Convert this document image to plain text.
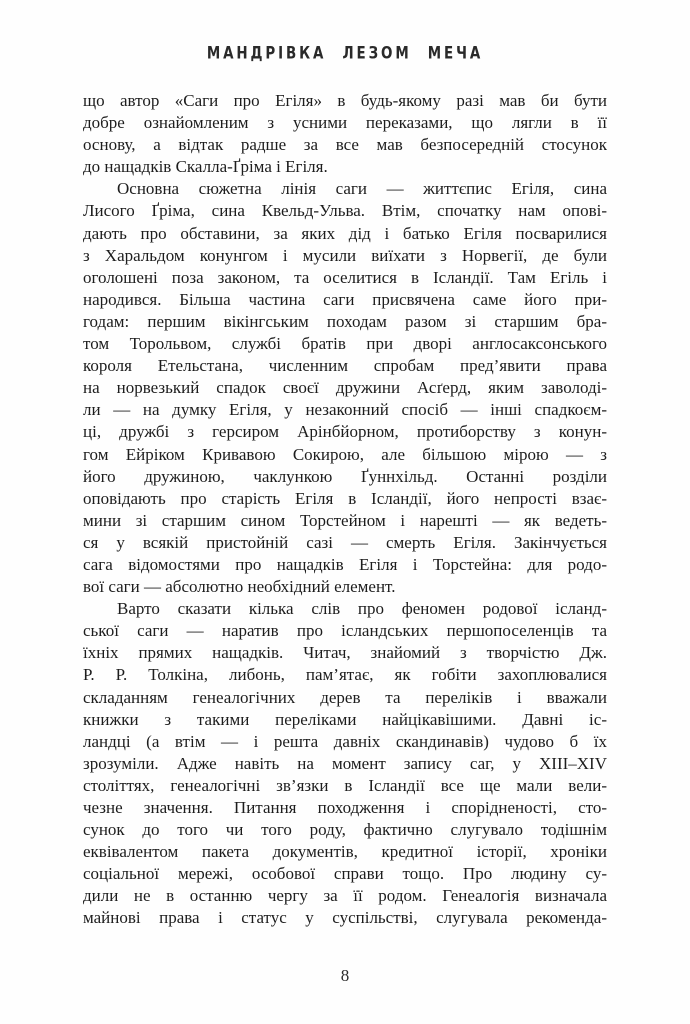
МАНДРІВКА ЛЕЗОМ МЕЧА
що автор «Саги про Егіля» в будь-якому разі мав би бути
добре ознайомленим з усними переказами, що лягли в її
основу, а відтак радше за все мав безпосередній стосунок
до нащадків Скалла-Ґріма і Егіля.
Основна сюжетна лінія саги — життєпис Егіля, сина
Лисого Ґріма, сина Квельд-Ульва. Втім, спочатку нам опові-
дають про обставини, за яких дід і батько Егіля посварилися
з Харальдом конунгом і мусили виїхати з Норвегії, де були
оголошені поза законом, та оселитися в Ісландії. Там Егіль і
народився. Більша частина саги присвячена саме його при-
годам: першим вікінгським походам разом зі старшим бра-
том Торольвом, службі братів при дворі англосаксонського
короля Етельстана, численним спробам пред’явити права
на норвезький спадок своєї дружини Асґерд, яким заволоді-
ли — на думку Егіля, у незаконний спосіб — інші спадкоєм-
ці, дружбі з герсиром Арінбйорном, протиборству з конун-
гом Ейріком Кривавою Сокирою, але більшою мірою — з
його дружиною, чаклункою Ґуннхільд. Останні розділи
оповідають про старість Егіля в Ісландії, його непрості взає-
мини зі старшим сином Торстейном і нарешті — як ведеть-
ся у всякій пристойній сазі — смерть Егіля. Закінчується
сага відомостями про нащадків Егіля і Торстейна: для родо-
вої саги — абсолютно необхідний елемент.
Варто сказати кілька слів про феномен родової ісланд-
ської саги — наратив про ісландських першопоселенців та
їхніх прямих нащадків. Читач, знайомий з творчістю Дж.
Р. Р. Толкіна, либонь, пам’ятає, як гобіти захоплювалися
складанням генеалогічних дерев та переліків і вважали
книжки з такими переліками найцікавішими. Давні іс-
ландці (а втім — і решта давніх скандинавів) чудово б їх
зрозуміли. Адже навіть на момент запису саг, у XIII–XIV
століттях, генеалогічні зв’язки в Ісландії все ще мали вели-
чезне значення. Питання походження і спорідненості, сто-
сунок до того чи того роду, фактично слугувало тодішнім
еквівалентом пакета документів, кредитної історії, хроніки
соціальної мережі, особової справи тощо. Про людину су-
дили не в останню чергу за її родом. Генеалогія визначала
майнові права і статус у суспільстві, слугувала рекоменда-
8
